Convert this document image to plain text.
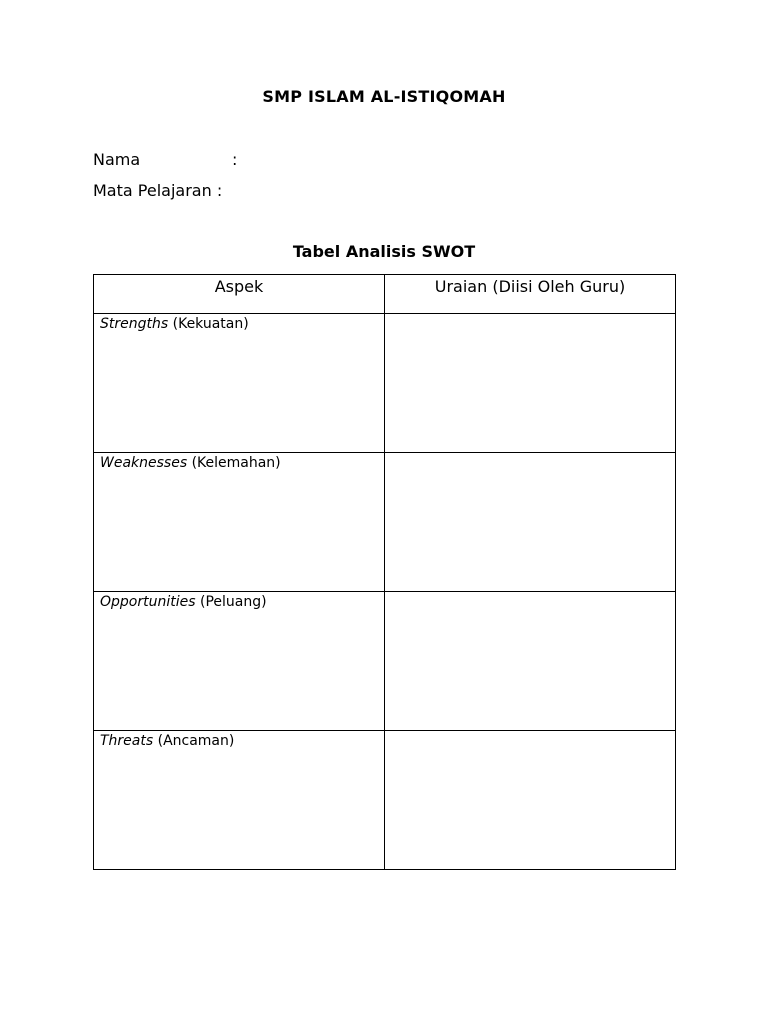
SMP ISLAM AL-ISTIQOMAH
Nama	:
Mata Pelajaran :
Tabel Analisis SWOT
Aspek	Uraian (Diisi Oleh Guru)
Strengths (Kekuatan)	
Weaknesses (Kelemahan)	
Opportunities (Peluang)	
Threats (Ancaman)	
